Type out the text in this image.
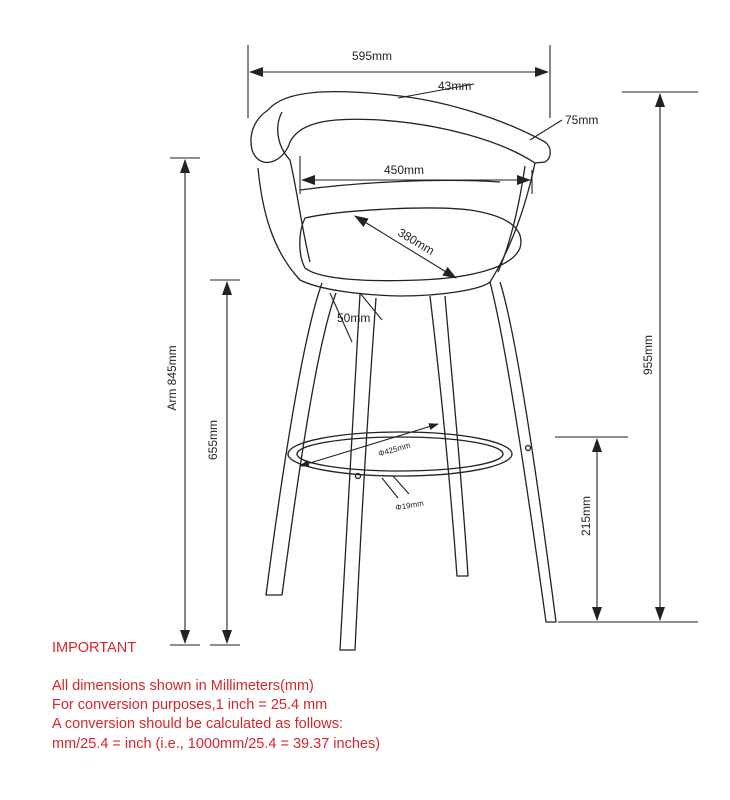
595mm
43mm
75mm
450mm
380mm
50mm
Arm 845mm
655mm
955mm
215mm
Φ425mm
Φ19mm
IMPORTANT
All dimensions shown in Millimeters(mm)
For conversion purposes,1 inch = 25.4 mm
A conversion should be calculated as follows:
mm/25.4 = inch (i.e., 1000mm/25.4 = 39.37 inches)
